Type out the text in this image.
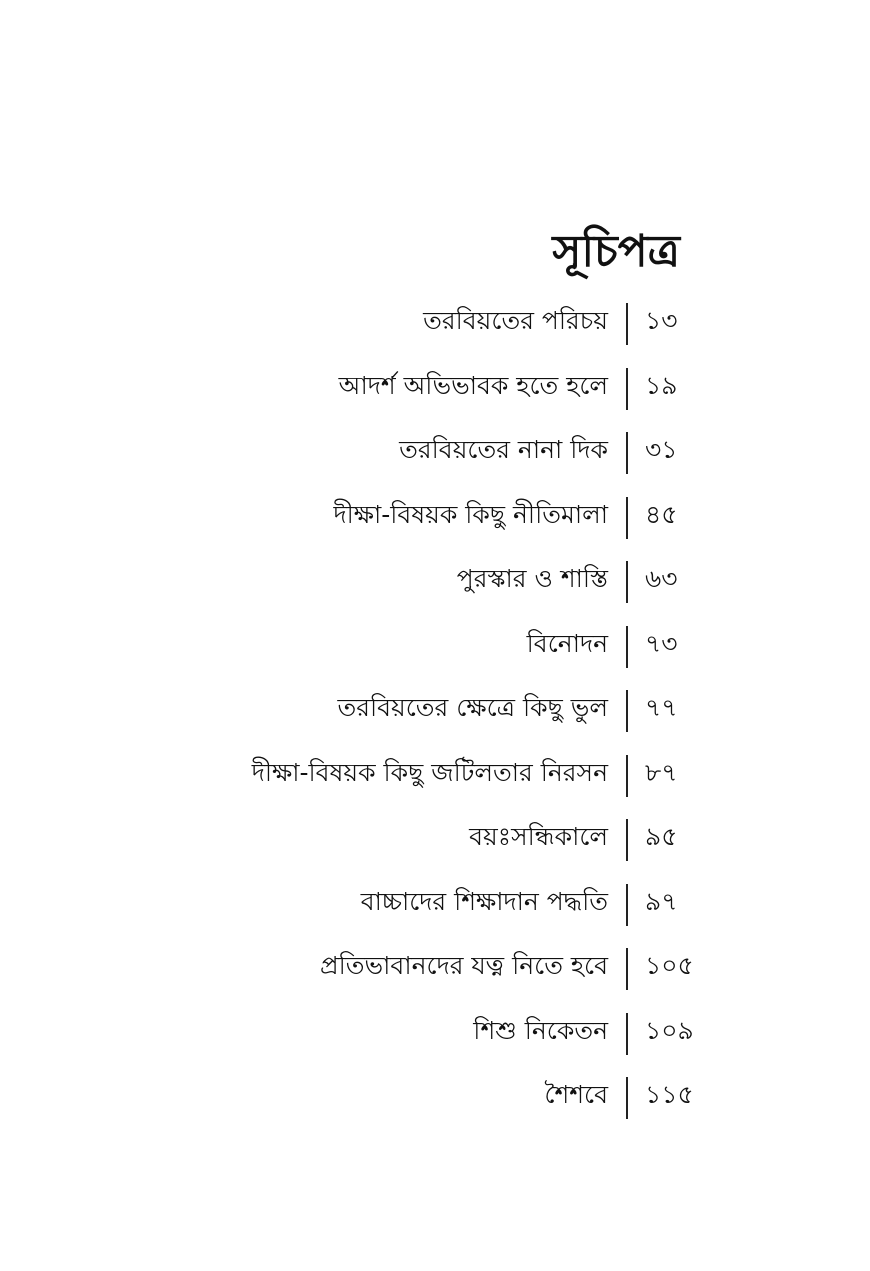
সূচিপত্র
তরবিয়তের পরিচয় ১৩
আদর্শ অভিভাবক হতে হলে ১৯
তরবিয়তের নানা দিক ৩১
দীক্ষা-বিষয়ক কিছু নীতিমালা ৪৫
পুরস্কার ও শাস্তি ৬৩
বিনোদন ৭৩
তরবিয়তের ক্ষেত্রে কিছু ভুল ৭৭
দীক্ষা-বিষয়ক কিছু জটিলতার নিরসন ৮৭
বয়ঃসন্ধিকালে ৯৫
বাচ্চাদের শিক্ষাদান পদ্ধতি ৯৭
প্রতিভাবানদের যত্ন নিতে হবে ১০৫
শিশু নিকেতন ১০৯
শৈশবে ১১৫
